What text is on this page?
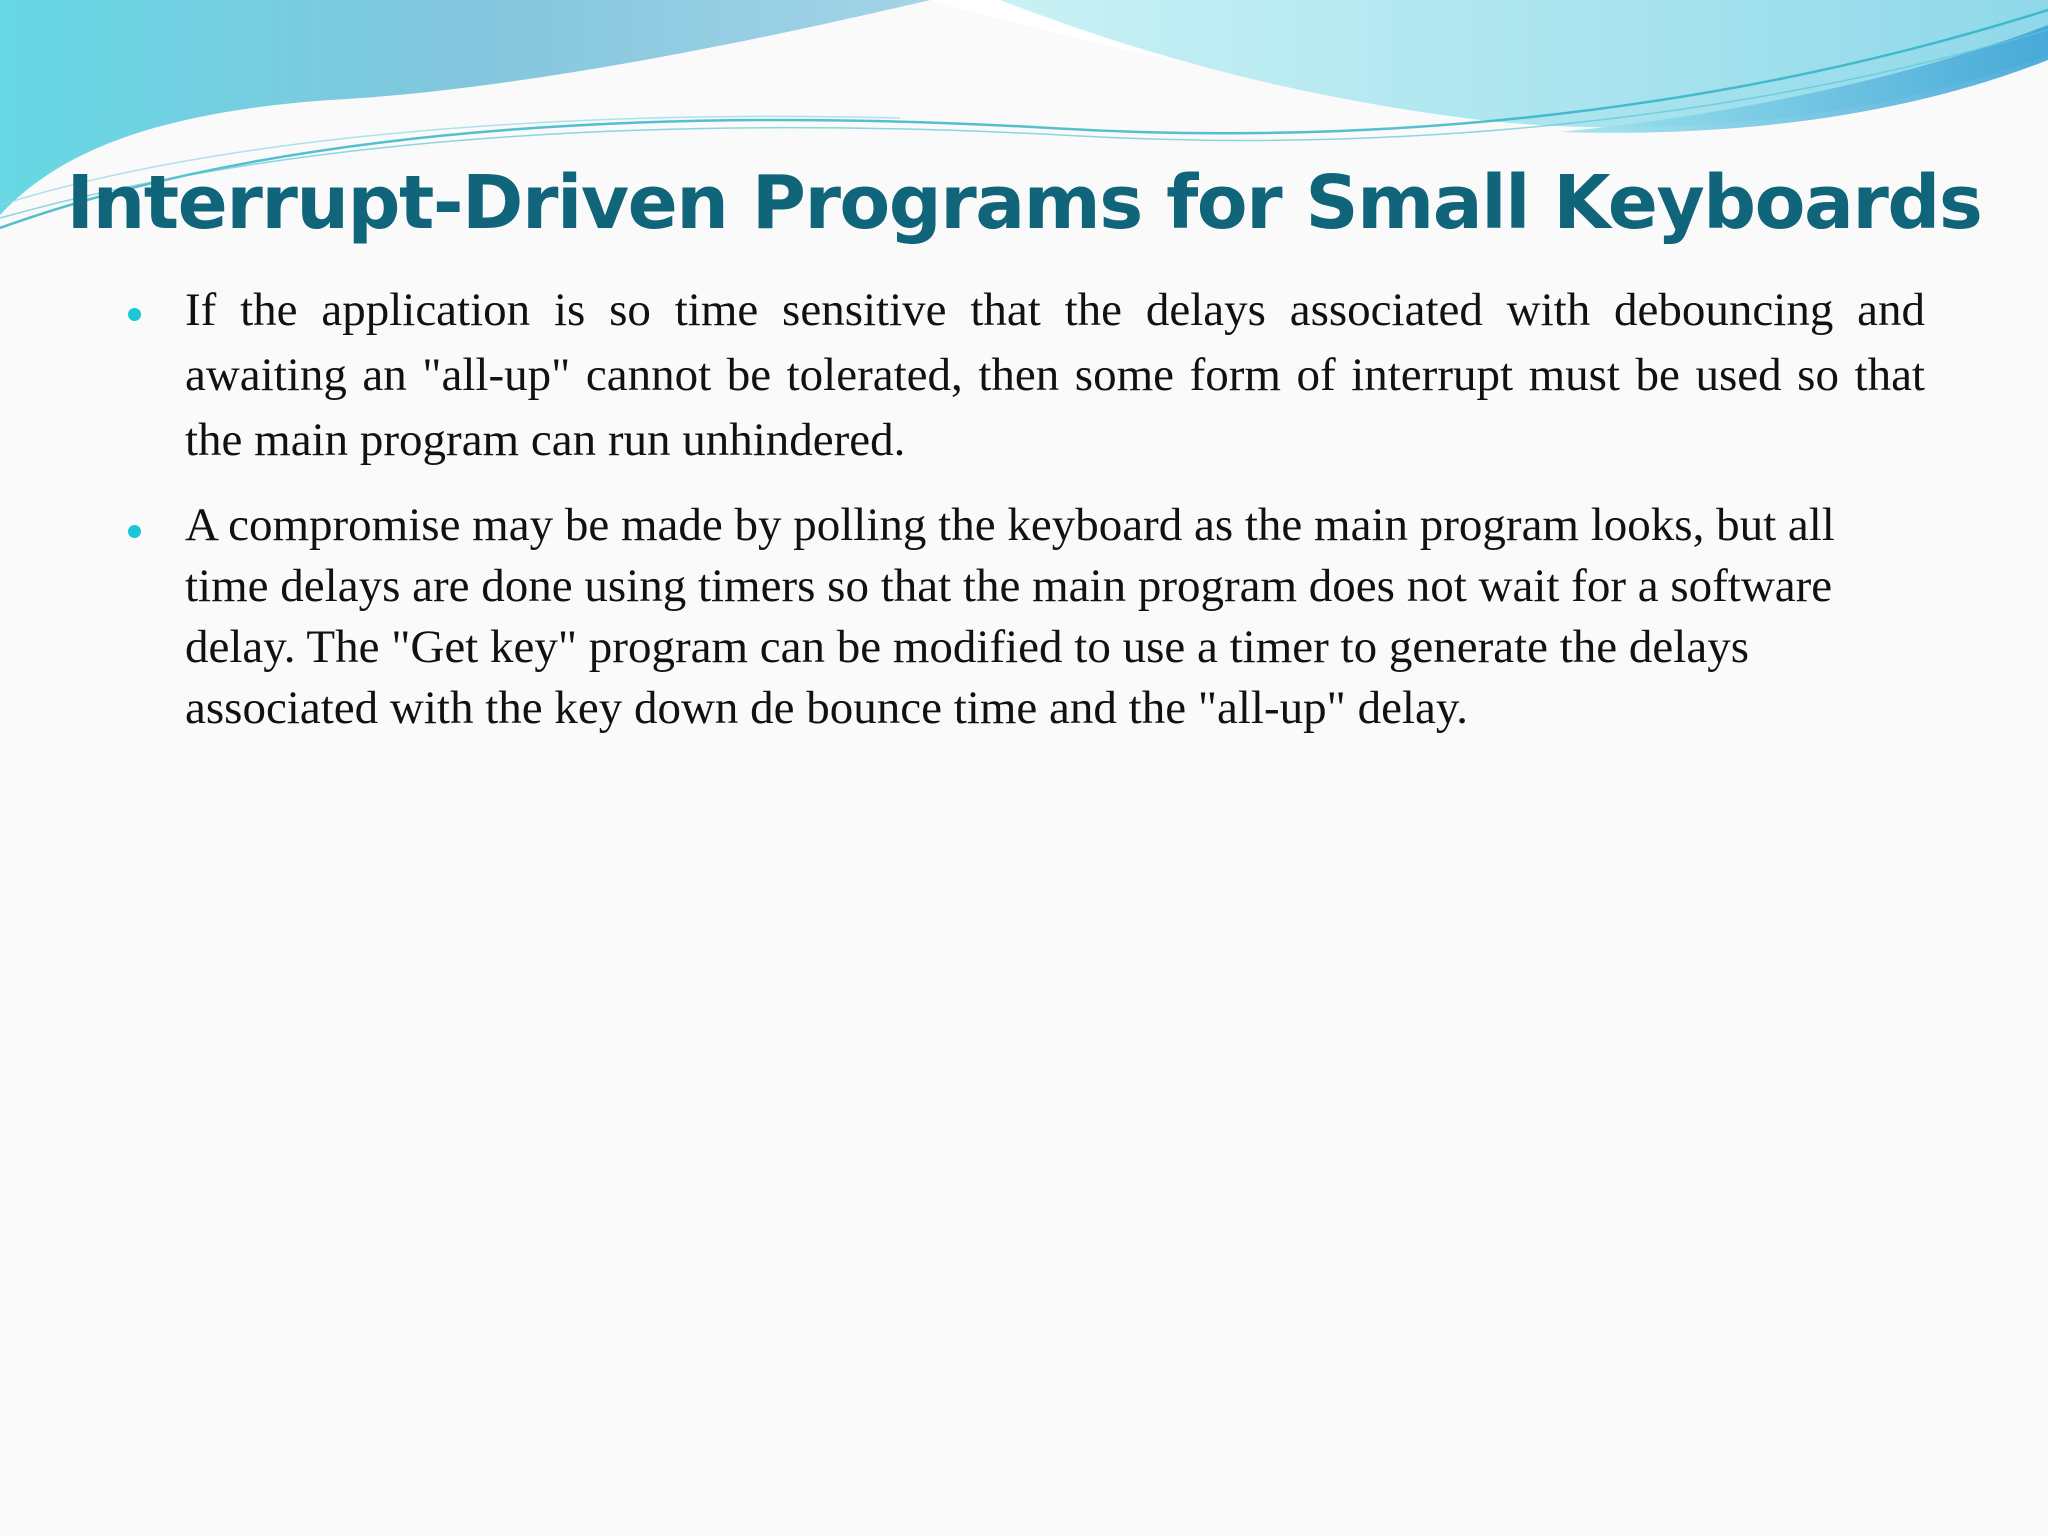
Interrupt-Driven Programs for Small Keyboards
If the application is so time sensitive that the delays associated with debouncing and awaiting an "all-up" cannot be tolerated, then some form of interrupt must be used so that the main program can run unhindered.
A compromise may be made by polling the keyboard as the main program looks, but all time delays are done using timers so that the main program does not wait for a software delay. The "Get key" program can be modified to use a timer to generate the delays associated with the key down de bounce time and the "all-up" delay.
